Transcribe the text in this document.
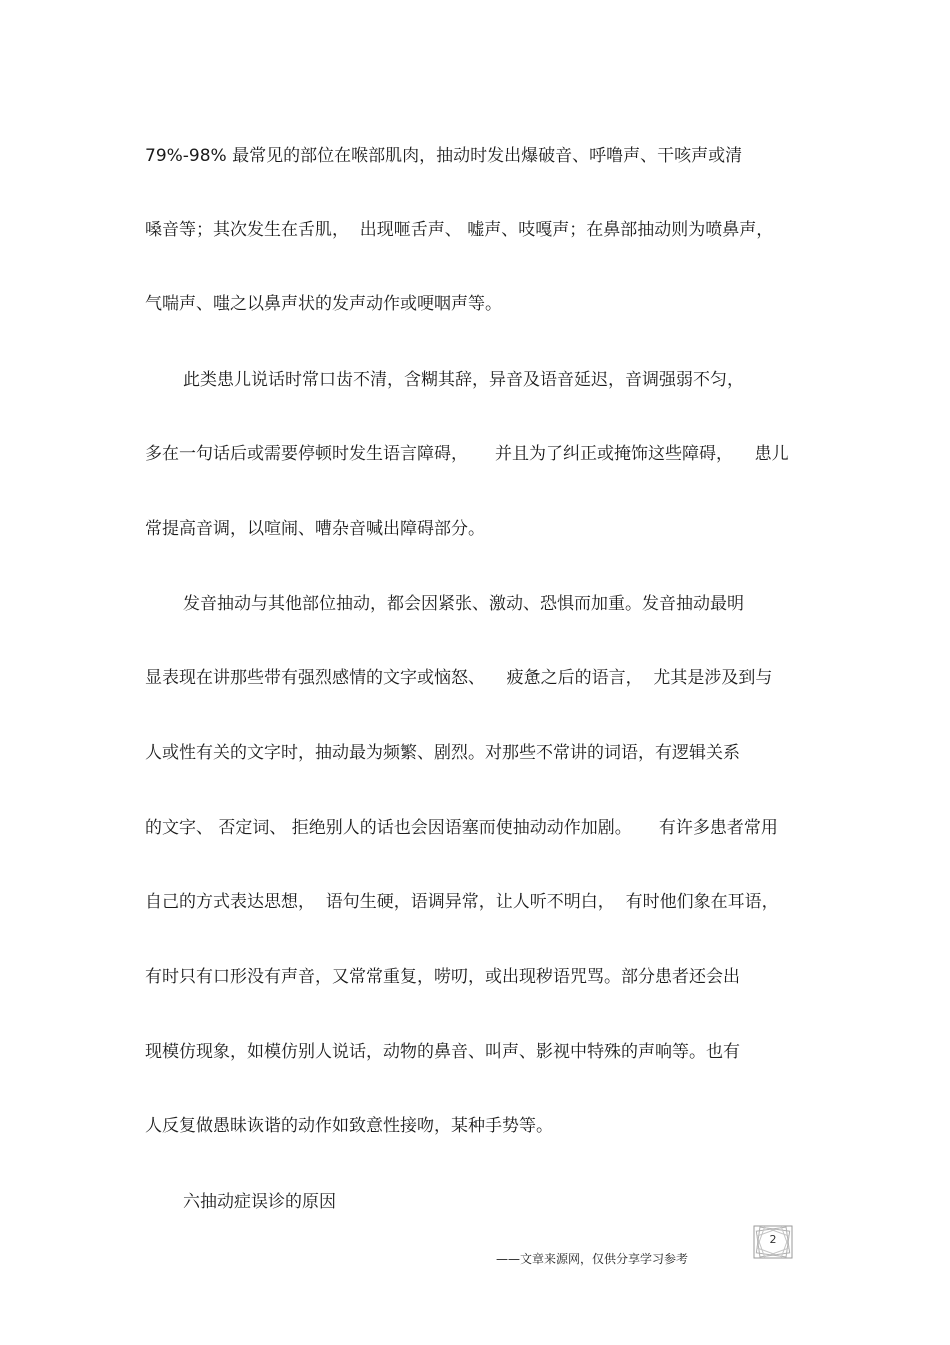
79%-98% 最常见的部位在喉部肌肉，抽动时发出爆破音、呼噜声、干咳声或清
嗓音等；其次发生在舌肌，  出现咂舌声、 嘘声、吱嘎声；在鼻部抽动则为喷鼻声，
气喘声、嗤之以鼻声状的发声动作或哽咽声等。
此类患儿说话时常口齿不清，含糊其辞，异音及语音延迟，音调强弱不匀，
多在一句话后或需要停顿时发生语言障碍，     并且为了纠正或掩饰这些障碍，    患儿
常提高音调，以喧闹、嘈杂音喊出障碍部分。
发音抽动与其他部位抽动，都会因紧张、激动、恐惧而加重。发音抽动最明
显表现在讲那些带有强烈感情的文字或恼怒、    疲惫之后的语言，  尤其是涉及到与
人或性有关的文字时，抽动最为频繁、剧烈。对那些不常讲的词语，有逻辑关系
的文字、 否定词、 拒绝别人的话也会因语塞而使抽动动作加剧。     有许多患者常用
自己的方式表达思想，  语句生硬，语调异常，让人听不明白，  有时他们象在耳语，
有时只有口形没有声音，又常常重复，唠叨，或出现秽语咒骂。部分患者还会出
现模仿现象，如模仿别人说话，动物的鼻音、叫声、影视中特殊的声响等。也有
人反复做愚昧诙谐的动作如致意性接吻，某种手势等。
六抽动症误诊的原因
——文章来源网，仅供分享学习参考
2
